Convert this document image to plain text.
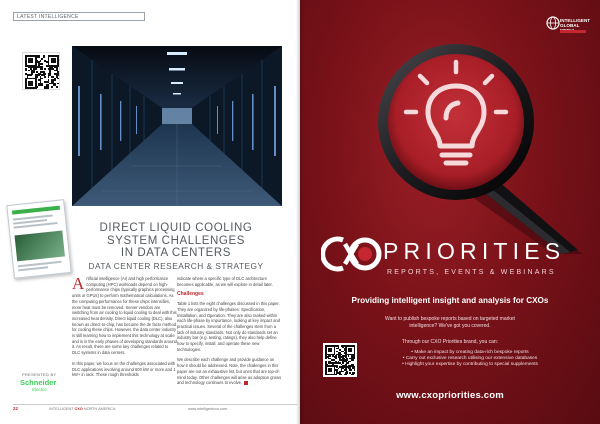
LATEST INTELLIGENCE
DIRECT LIQUID COOLING
SYSTEM CHALLENGES
IN DATA CENTERS
DATA CENTER RESEARCH & STRATEGY

Artificial intelligence (AI) and high performance computing (HPC) workloads depend on high-performance chips (typically graphics processing units or GPUs) to perform mathematical calculations. As the computing performance for these chips intensifies, more heat must be removed. Server vendors are switching from air cooling to liquid cooling to deal with this increased heat density. Direct liquid cooling (DLC), also known as direct-to-chip, has become the de facto method for cooling these chips. However, the data center industry is still learning how to implement this technology at scale and is in the early phases of developing standards around it. As result, there are some key challenges related to DLC systems in data centers.

In this paper, we focus on the challenges associated with DLC applications involving around 600 kW or more and 1 kW+ in rack. These rough thresholds

indicate where a specific type of DLC architecture becomes applicable, as we will explore in detail later.

Challenges

Table 1 lists the eight challenges discussed in this paper. They are organized by life-phases: Specification, Installation, and Operation. They are also ranked within each life-phase by importance, looking at key impact and practical issues. Several of the challenges stem from a lack of industry standards. Not only do standards set an industry bar (e.g. testing, ratings), they also help define how to specify, install, and operate these new technologies.

We describe each challenge and provide guidance on how it should be addressed. Note, the challenges in this paper are not an exhaustive list, but ones that are top-of-mind today. Other challenges will arise as adoption grows and technology continues to evolve.

PRESENTED BY
Schneider
Electric
22	INTELLIGENT CXO NORTH AMERICA	www.intelligentcxo.com
INTELLIGENT
GLOBAL
PRIORITIES
REPORTS, EVENTS & WEBINARS
Providing intelligent insight and analysis for CXOs
Want to publish bespoke reports based on targeted market intelligence? We've got you covered.
Through our CXO Priorities brand, you can:
• Make an impact by creating data-rich bespoke reports
• Carry out exclusive research utilising our extensive databases
• Highlight your expertise by contributing to special supplements
www.cxopriorities.com
